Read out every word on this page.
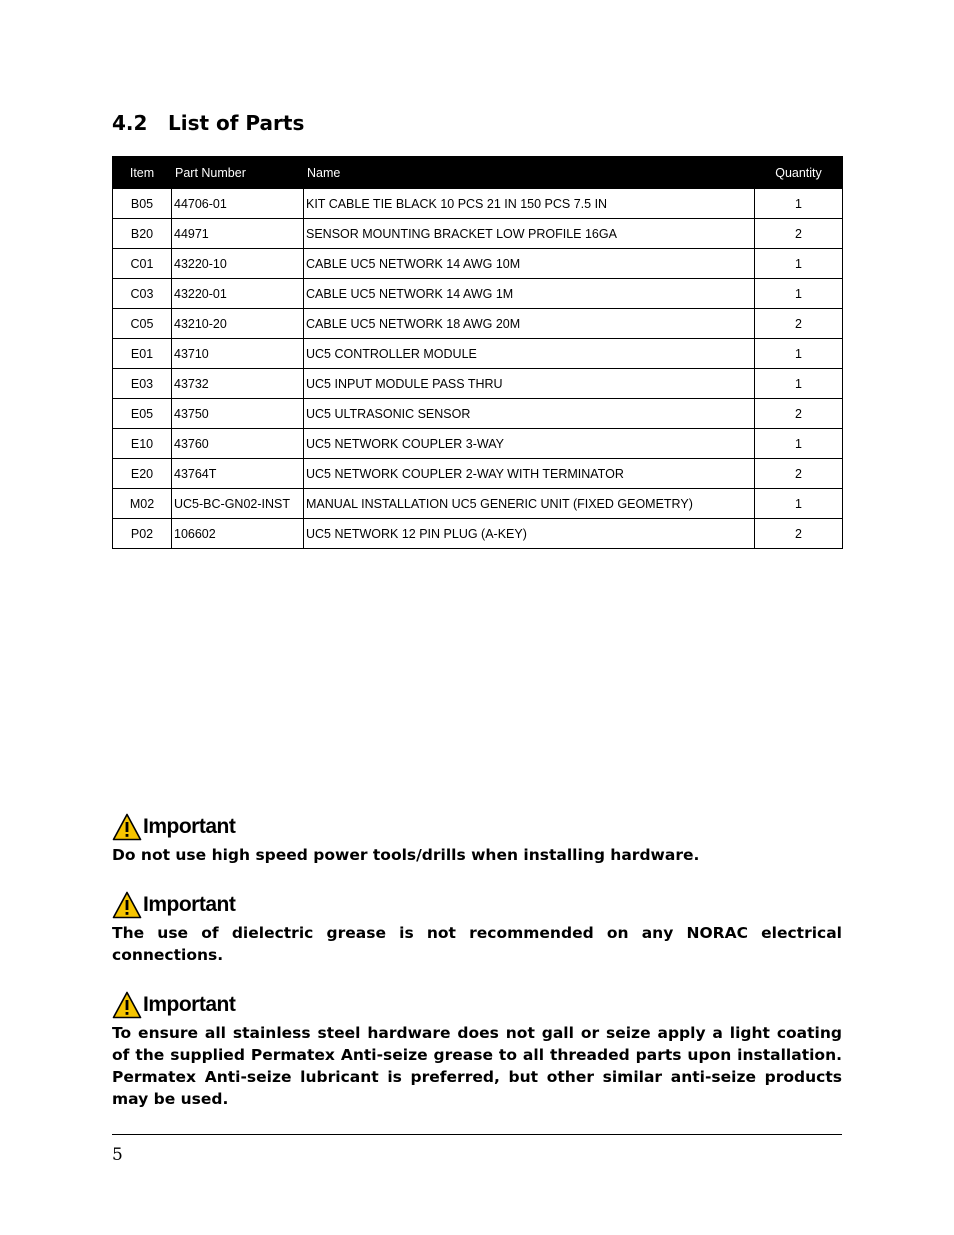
4.2 List of Parts
Item	Part Number	Name	Quantity
B05	44706-01	KIT CABLE TIE BLACK 10 PCS 21 IN 150 PCS 7.5 IN	1
B20	44971	SENSOR MOUNTING BRACKET LOW PROFILE 16GA	2
C01	43220-10	CABLE UC5 NETWORK 14 AWG 10M	1
C03	43220-01	CABLE UC5 NETWORK 14 AWG 1M	1
C05	43210-20	CABLE UC5 NETWORK 18 AWG 20M	2
E01	43710	UC5 CONTROLLER MODULE	1
E03	43732	UC5 INPUT MODULE PASS THRU	1
E05	43750	UC5 ULTRASONIC SENSOR	2
E10	43760	UC5 NETWORK COUPLER 3-WAY	1
E20	43764T	UC5 NETWORK COUPLER 2-WAY WITH TERMINATOR	2
M02	UC5-BC-GN02-INST	MANUAL INSTALLATION UC5 GENERIC UNIT (FIXED GEOMETRY)	1
P02	106602	UC5 NETWORK 12 PIN PLUG (A-KEY)	2
Important
Do not use high speed power tools/drills when installing hardware.
Important
The use of dielectric grease is not recommended on any NORAC electrical connections.
Important
To ensure all stainless steel hardware does not gall or seize apply a light coating of the supplied Permatex Anti-seize grease to all threaded parts upon installation. Permatex Anti-seize lubricant is preferred, but other similar anti-seize products may be used.
5
